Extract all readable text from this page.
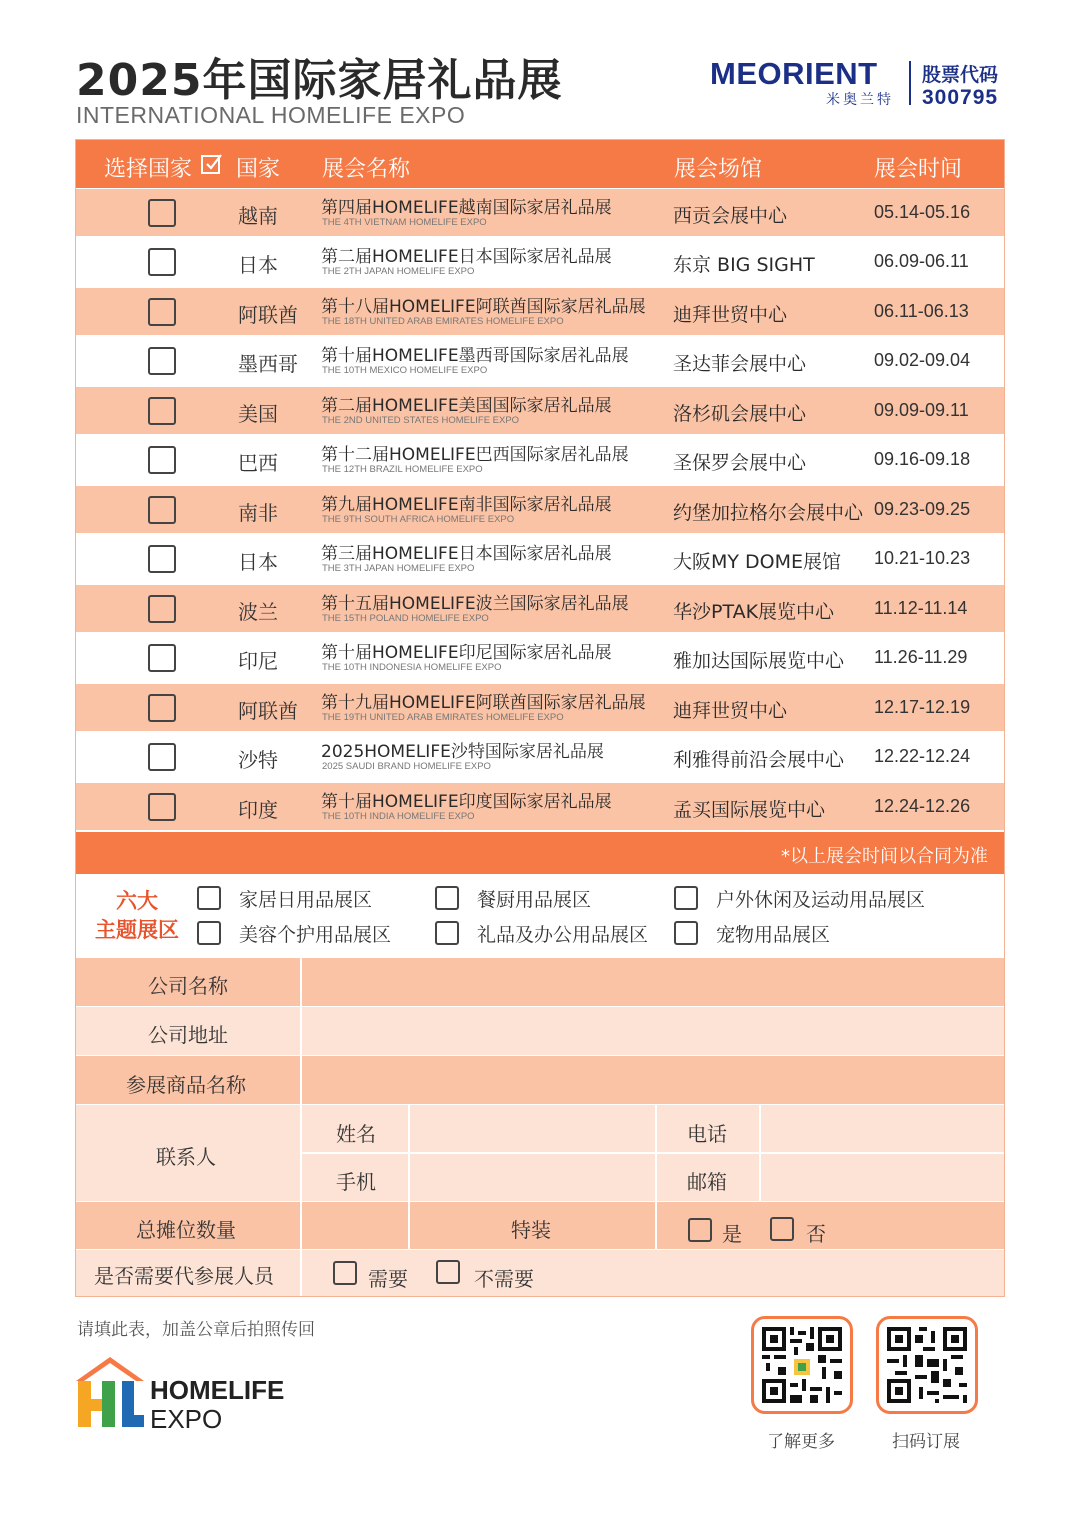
2025年国际家居礼品展
INTERNATIONAL HOMELIFE EXPO
MEORIENT
米奥兰特
股票代码
300795
选择国家 国家 展会名称	展会场馆	展会时间
越南	第四届HOMELIFE越南国际家居礼品展
THE 4TH VIETNAM HOMELIFE EXPO	西贡会展中心	05.14-05.16
日本	第二届HOMELIFE日本国际家居礼品展
THE 2TH JAPAN HOMELIFE EXPO	东京 BIG SIGHT	06.09-06.11
阿联酋 第十八届HOMELIFE阿联酋国际家居礼品展
THE 18TH UNITED ARAB EMIRATES HOMELIFE EXPO	迪拜世贸中心	06.11-06.13
墨西哥 第十届HOMELIFE墨西哥国际家居礼品展
THE 10TH MEXICO HOMELIFE EXPO	圣达菲会展中心	09.02-09.04
美国	第二届HOMELIFE美国国际家居礼品展
THE 2ND UNITED STATES HOMELIFE EXPO	洛杉矶会展中心	09.09-09.11
巴西	第十二届HOMELIFE巴西国际家居礼品展
THE 12TH BRAZIL HOMELIFE EXPO	圣保罗会展中心	09.16-09.18
南非	第九届HOMELIFE南非国际家居礼品展
THE 9TH SOUTH AFRICA HOMELIFE EXPO	约堡加拉格尔会展中心 09.23-09.25
日本	第三届HOMELIFE日本国际家居礼品展
THE 3TH JAPAN HOMELIFE EXPO	大阪MY DOME展馆 10.21-10.23
波兰	第十五届HOMELIFE波兰国际家居礼品展
THE 15TH POLAND HOMELIFE EXPO	华沙PTAK展览中心 11.12-11.14
印尼	第十届HOMELIFE印尼国际家居礼品展
THE 10TH INDONESIA HOMELIFE EXPO	雅加达国际展览中心 11.26-11.29
阿联酋 第十九届HOMELIFE阿联酋国际家居礼品展
THE 19TH UNITED ARAB EMIRATES HOMELIFE EXPO	迪拜世贸中心	12.17-12.19
沙特	2025HOMELIFE沙特国际家居礼品展
2025 SAUDI BRAND HOMELIFE EXPO	利雅得前沿会展中心 12.22-12.24
印度	第十届HOMELIFE印度国际家居礼品展
THE 10TH INDIA HOMELIFE EXPO	孟买国际展览中心	12.24-12.26
*以上展会时间以合同为准
六大
主题展区
家居日用品展区	餐厨用品展区	户外休闲及运动用品展区
美容个护用品展区	礼品及办公用品展区	宠物用品展区
公司名称
公司地址
参展商品名称
联系人
姓名	电话
手机	邮箱
总摊位数量	特装	是	否
是否需要代参展人员	需要	不需要
请填此表，加盖公章后拍照传回
HOMELIFE
EXPO
了解更多	扫码订展
